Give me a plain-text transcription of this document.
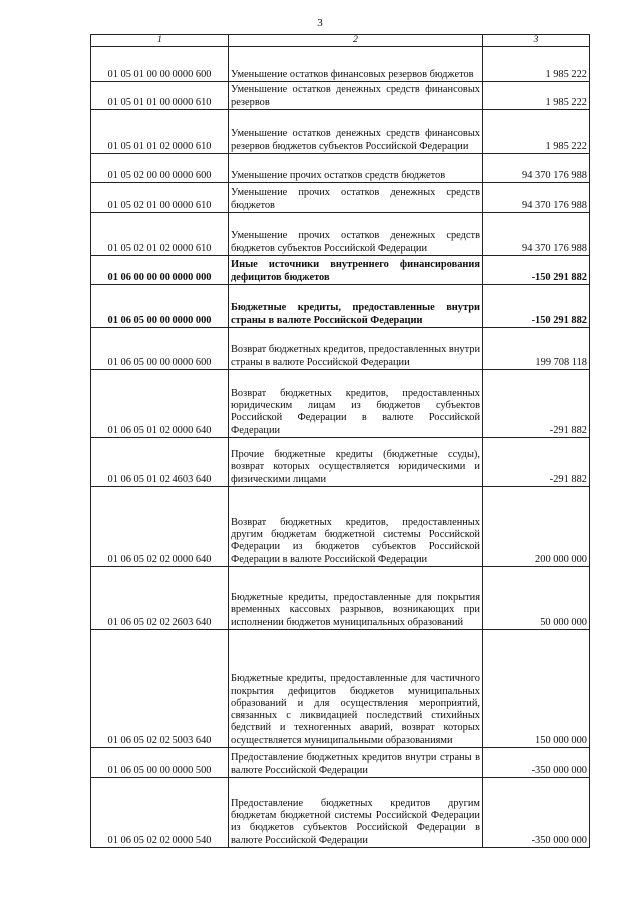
3
1	2	3
01 05 01 00 00 0000 600	Уменьшение остатков финансовых резервов бюджетов	1 985 222
01 05 01 01 00 0000 610	Уменьшение остатков денежных средств финансовых резервов	1 985 222
01 05 01 01 02 0000 610	Уменьшение остатков денежных средств финансовых резервов бюджетов субъектов Российской Федерации	1 985 222
01 05 02 00 00 0000 600	Уменьшение прочих остатков средств бюджетов	94 370 176 988
01 05 02 01 00 0000 610	Уменьшение прочих остатков денежных средств бюджетов	94 370 176 988
01 05 02 01 02 0000 610	Уменьшение прочих остатков денежных средств бюджетов субъектов Российской Федерации	94 370 176 988
01 06 00 00 00 0000 000	Иные источники внутреннего финансирования дефицитов бюджетов	-150 291 882
01 06 05 00 00 0000 000	Бюджетные кредиты, предоставленные внутри страны в валюте Российской Федерации	-150 291 882
01 06 05 00 00 0000 600	Возврат бюджетных кредитов, предоставленных внутри страны в валюте Российской Федерации	199 708 118
01 06 05 01 02 0000 640	Возврат бюджетных кредитов, предоставленных юридическим лицам из бюджетов субъектов Российской Федерации в валюте Российской Федерации	-291 882
01 06 05 01 02 4603 640	Прочие бюджетные кредиты (бюджетные ссуды), возврат которых осуществляется юридическими и физическими лицами	-291 882
01 06 05 02 02 0000 640	Возврат бюджетных кредитов, предоставленных другим бюджетам бюджетной системы Российской Федерации из бюджетов субъектов Российской Федерации в валюте Российской Федерации	200 000 000
01 06 05 02 02 2603 640	Бюджетные кредиты, предоставленные для покрытия временных кассовых разрывов, возникающих при исполнении бюджетов муниципальных образований	50 000 000
01 06 05 02 02 5003 640	Бюджетные кредиты, предоставленные для частичного покрытия дефицитов бюджетов муниципальных образований и для осуществления мероприятий, связанных с ликвидацией последствий стихийных бедствий и техногенных аварий, возврат которых осуществляется муниципальными образованиями	150 000 000
01 06 05 00 00 0000 500	Предоставление бюджетных кредитов внутри страны в валюте Российской Федерации	-350 000 000
01 06 05 02 02 0000 540	Предоставление бюджетных кредитов другим бюджетам бюджетной системы Российской Федерации из бюджетов субъектов Российской Федерации в валюте Российской Федерации	-350 000 000
